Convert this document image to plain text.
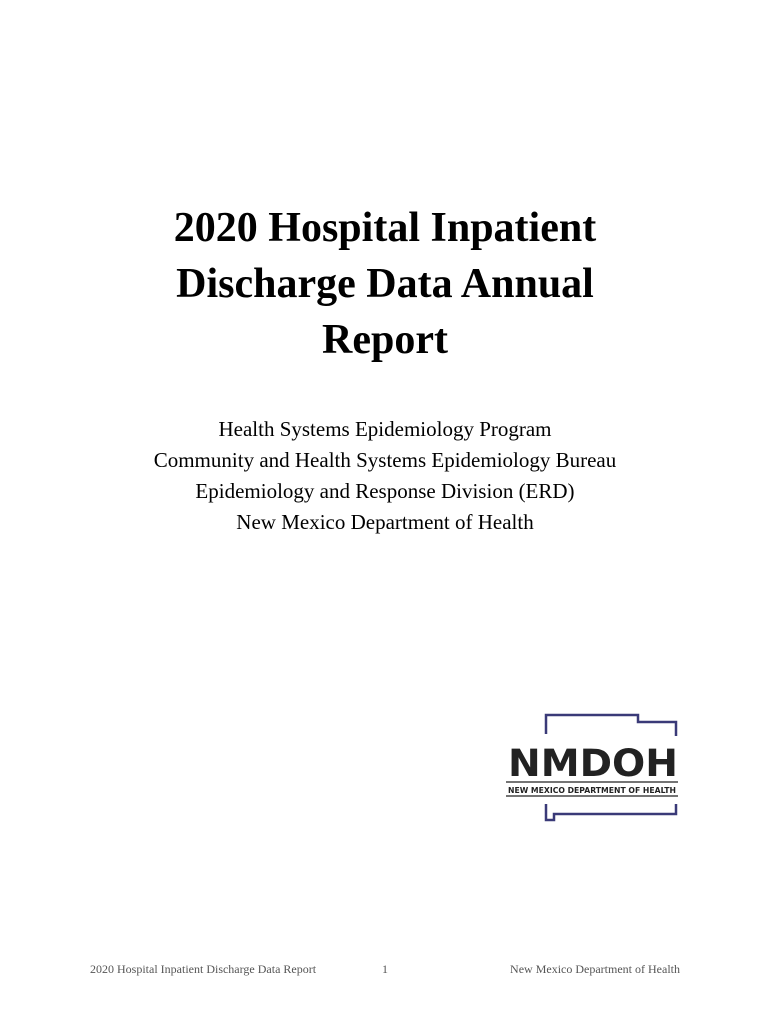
2020 Hospital Inpatient
Discharge Data Annual
Report
Health Systems Epidemiology Program
Community and Health Systems Epidemiology Bureau
Epidemiology and Response Division (ERD)
New Mexico Department of Health
NMDOH
NEW MEXICO DEPARTMENT OF HEALTH
2020 Hospital Inpatient Discharge Data Report	1	New Mexico Department of Health
